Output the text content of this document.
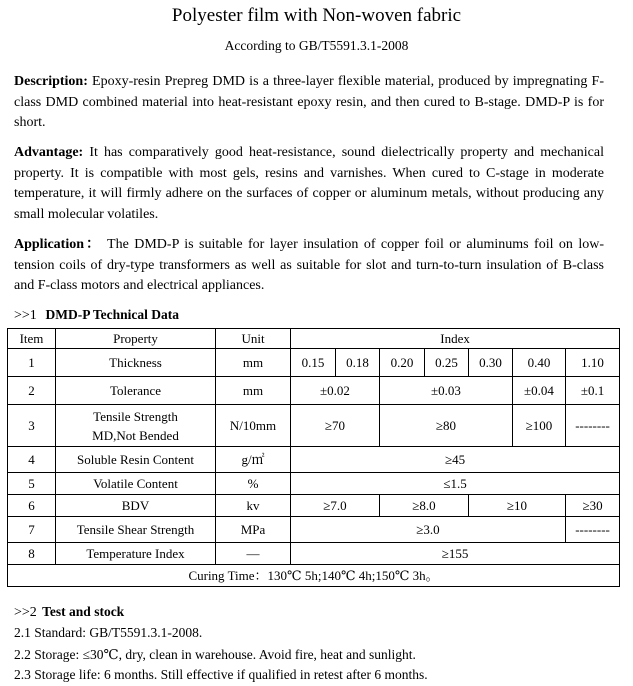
Polyester film with Non-woven fabric
According to GB/T5591.3.1-2008
Description: Epoxy-resin Prepreg DMD is a three-layer flexible material, produced by impregnating F-class DMD combined material into heat-resistant epoxy resin, and then cured to B-stage. DMD-P is for short.
Advantage: It has comparatively good heat-resistance, sound dielectrically property and mechanical property. It is compatible with most gels, resins and varnishes. When cured to C-stage in moderate temperature, it will firmly adhere on the surfaces of copper or aluminum metals, without producing any small molecular volatiles.
Application： The DMD-P is suitable for layer insulation of copper foil or aluminums foil on low-tension coils of dry-type transformers as well as suitable for slot and turn-to-turn insulation of B-class and F-class motors and electrical appliances.
>>1 DMD-P Technical Data
Item	Property	Unit	Index						
1	Thickness	mm	0.15	0.18	0.20	0.25	0.30	0.40	1.10
2	Tolerance	mm	±0.02		±0.03			±0.04	±0.1
3	Tensile Strength
MD,Not Bended	N/10mm	≥70		≥80			≥100	--------
4	Soluble Resin Content	g/㎡	≥45						
5	Volatile Content	%	≤1.5						
6	BDV	kv	≥7.0		≥8.0		≥10		≥30
7	Tensile Shear Strength	MPa	≥3.0						--------
8	Temperature Index	—	≥155						
Curing Time：130℃ 5h;140℃ 4h;150℃ 3h。									
>>2 Test and stock
2.1 Standard: GB/T5591.3.1-2008.
2.2 Storage: ≤30℃, dry, clean in warehouse. Avoid fire, heat and sunlight.
2.3 Storage life: 6 months. Still effective if qualified in retest after 6 months.
